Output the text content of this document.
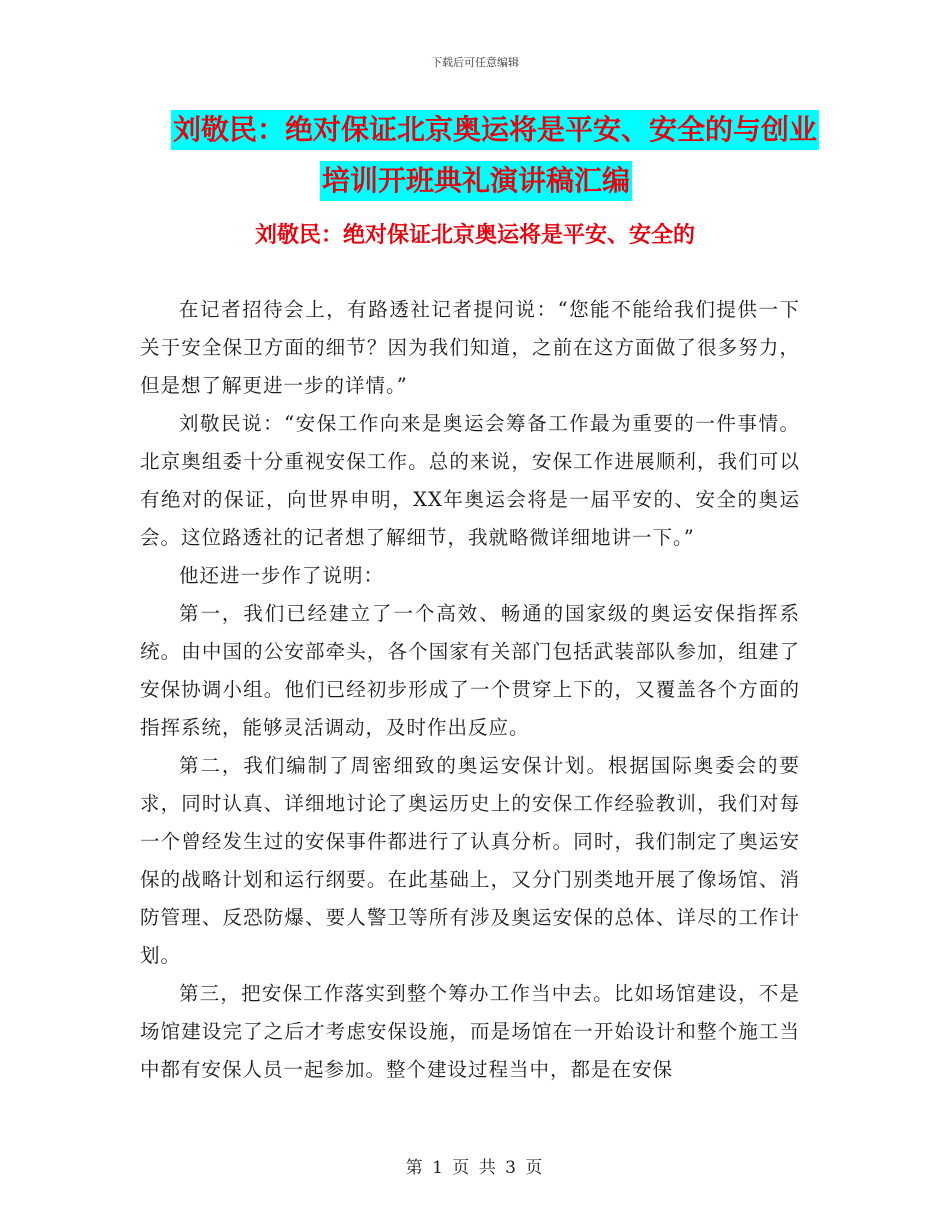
下载后可任意编辑
刘敬民：绝对保证北京奥运将是平安、安全的与创业
培训开班典礼演讲稿汇编
刘敬民：绝对保证北京奥运将是平安、安全的

在记者招待会上，有路透社记者提问说：“您能不能给我们提供一下关于安全保卫方面的细节？因为我们知道，之前在这方面做了很多努力，但是想了解更进一步的详情。”

刘敬民说：“安保工作向来是奥运会筹备工作最为重要的一件事情。北京奥组委十分重视安保工作。总的来说，安保工作进展顺利，我们可以有绝对的保证，向世界申明，XX年奥运会将是一届平安的、安全的奥运会。这位路透社的记者想了解细节，我就略微详细地讲一下。”

他还进一步作了说明：

第一，我们已经建立了一个高效、畅通的国家级的奥运安保指挥系统。由中国的公安部牵头，各个国家有关部门包括武装部队参加，组建了安保协调小组。他们已经初步形成了一个贯穿上下的，又覆盖各个方面的指挥系统，能够灵活调动，及时作出反应。

第二，我们编制了周密细致的奥运安保计划。根据国际奥委会的要求，同时认真、详细地讨论了奥运历史上的安保工作经验教训，我们对每一个曾经发生过的安保事件都进行了认真分析。同时，我们制定了奥运安保的战略计划和运行纲要。在此基础上，又分门别类地开展了像场馆、消防管理、反恐防爆、要人警卫等所有涉及奥运安保的总体、详尽的工作计划。

第三，把安保工作落实到整个筹办工作当中去。比如场馆建设，不是场馆建设完了之后才考虑安保设施，而是场馆在一开始设计和整个施工当中都有安保人员一起参加。整个建设过程当中，都是在安保

第 1 页 共 3 页
